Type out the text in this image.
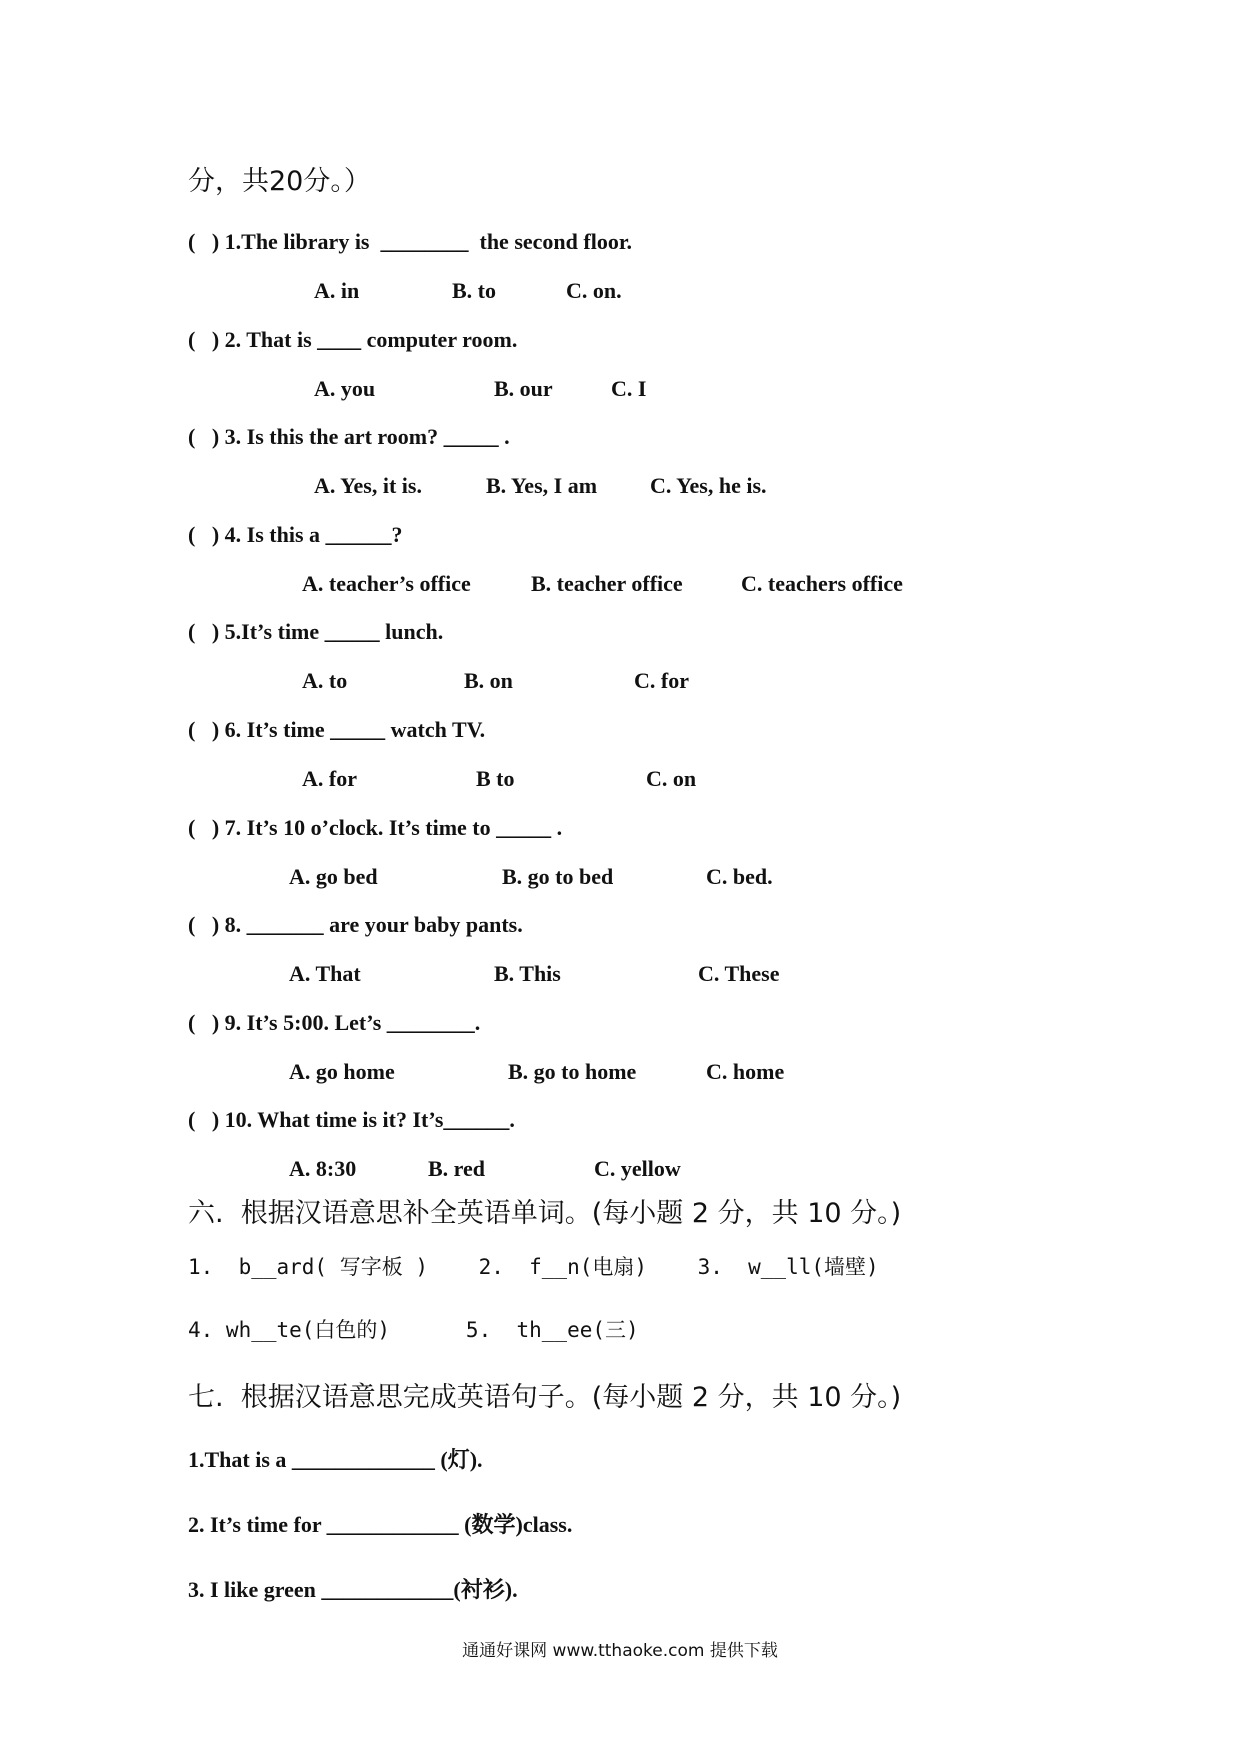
分，共20分。）
(   ) 1.The library is  ________  the second floor.
A. in	B. to	C. on.
(   ) 2. That is ____ computer room.
A. you	B. our	C. I
(   ) 3. Is this the art room? _____ .
A. Yes, it is.	B. Yes, I am C. Yes, he is.
(   ) 4. Is this a ______?
A. teacher’s office	B. teacher office	C. teachers office
(   ) 5.It’s time _____ lunch.
A. to	B. on	C. for
(   ) 6. It’s time _____ watch TV.
A. for	B to	C. on
(   ) 7. It’s 10 o’clock. It’s time to _____ .
A. go bed	B. go to bed	C. bed.
(   ) 8. _______ are your baby pants.
A. That	B. This	C. These
(   ) 9. It’s 5:00. Let’s ________.
A. go home	B. go to home	C. home
(   ) 10. What time is it? It’s______.
A. 8:30	B. red	C. yellow
六.  根据汉语意思补全英语单词。(每小题 2 分，共 10 分。)
1.  b__ard( 写字板 )    2.  f__n(电扇)    3.  w__ll(墙壁)
4. wh__te(白色的)      5.  th__ee(三)
七.  根据汉语意思完成英语句子。(每小题 2 分，共 10 分。)
1.That is a _____________ (灯).
2. It’s time for ____________ (数学)class.
3. I like green ____________(衬衫).
通通好课网 www.tthaoke.com 提供下载
